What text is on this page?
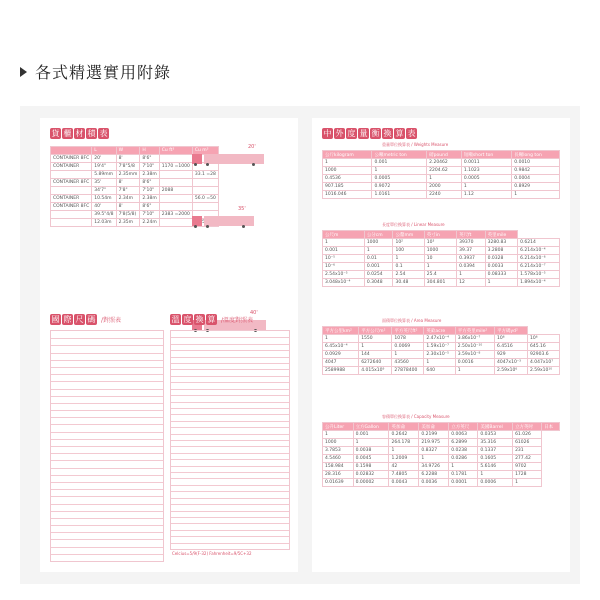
各式精選實用附錄
貨 櫃 材 積 表
	L	W	H	Cu ft³	Cu m³
CONTAINER 8FC	20'	8'	8'6"		
CONTAINER	19'4"	7'8"5/8	7'10"	1170 =1000	
	5.89mm	2.35mm	2.38m		33.1 =28
CONTAINER 8FC	35'	8'	8'6"		
	34'7"	7'8"	7'10"	2088	
CONTAINER	10.54m	2.34m	2.38m		56.0 =50
CONTAINER 8FC	40'	8'	8'6"		
	39.5"4/8	7'8(5/8)	7'10"	2383 =2000	
	12.03m	2.35m	2.24m		
20'
35'
40'
國 際 尺 碼 /對照表	溫 度 換 算 /溫度對照表
Celcius=5/9(F-32) Fahrenheit=9/5C+32
中 外 度 量 衡 換 算 表
重量單位換算表 / Weights Measure
公斤kilogram	公噸metric ton	磅pound	短噸short ton	長噸long ton
1	0.001	2.20462	0.0011	0.0010
1000	1	2204.62	1.1023	0.9842
0.4536	0.0005	1	0.0005	0.0004
907.185	0.9072	2000	1	0.8929
1016.046	1.0161	2240	1.12	1
長度單位換算表 / Linear Measure
公尺m	公分cm	公釐mm	英寸in	英尺ft	英里mile	
1	1000	10²	10³	39370	3280.83	0.6214
0.001	1	100	1000	39.37	3.2808	6.214x10⁻⁴
10⁻⁵	0.01	1	10	0.3937	0.0328	6.214x10⁻⁶
10⁻⁶	0.001	0.1	1	0.0394	0.0033	6.214x10⁻⁷
2.54x10⁻⁵	0.0254	2.54	25.4	1	0.08333	1.578x10⁻⁵
3.048x10⁻⁴	0.3048	30.48	304.801	12	1	1.894x10⁻⁴
面積單位換算表 / Area Measure
平方公里km²	平方公尺m²	平方英尺ft²	英畝acre	平方英里mile²	平方碼yd²	
1	1550	1078	2.47x10⁻⁴	3.86x10⁻⁷	10⁶	10⁶
6.45x10⁻⁴	1	0.0069	1.59x10⁻⁷	2.50x10⁻¹⁰	6.4516	645.16
0.0929	144	1	2.30x10⁻⁵	3.59x10⁻⁸	929	92903.6
4047	6272640	43560	1	0.0016	4047x10⁻³	4.047x10⁷
2589988	4.015x10⁹	27878400	640	1	2.59x10⁶	2.59x10¹⁰
容積單位換算表 / Capacity Measure
公升Liter	立方Gallon	英加侖	美加侖	立方英尺	美國Barrel	立方英吋	日本
1	0.001	0.2642	0.2199	0.0063	0.0353	61.026	
1000	1	264.178	219.975	6.2899	35.316	61026	
3.7853	0.0038	1	0.8327	0.0238	0.1337	231	
4.5460	0.0045	1.2009	1	0.0286	0.1605	277.42	
158.984	0.1598	42	34.9726	1	5.6146	9702	
28.316	0.02832	7.4805	6.2288	0.1781	1	1728	
0.01639	0.00002	0.0043	0.0036	0.0001	0.0006	1	
